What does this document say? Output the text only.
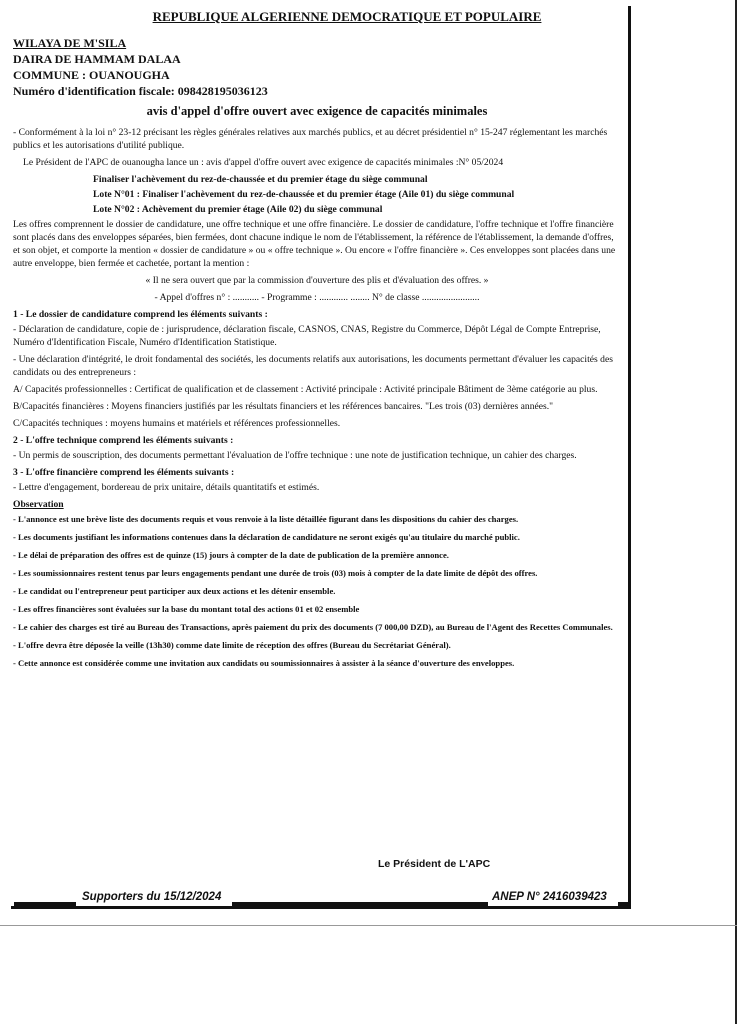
REPUBLIQUE ALGERIENNE DEMOCRATIQUE ET POPULAIRE
WILAYA DE M'SILA
DAIRA DE HAMMAM DALAA
COMMUNE : OUANOUGHA
Numéro d'identification fiscale: 098428195036123
avis d'appel d'offre ouvert avec exigence de capacités minimales

- Conformément à la loi n° 23-12 précisant les règles générales relatives aux marchés publics, et au décret présidentiel n° 15-247 réglementant les marchés publics et les autorisations d'utilité publique.

Le Président de l'APC de ouanougha lance un : avis d'appel d'offre ouvert avec exigence de capacités minimales :N° 05/2024

Finaliser l'achèvement du rez-de-chaussée et du premier étage du siège communal

Lote N°01 : Finaliser l'achèvement du rez-de-chaussée et du premier étage (Aile 01) du siège communal

Lote N°02 : Achèvement du premier étage (Aile 02) du siège communal

Les offres comprennent le dossier de candidature, une offre technique et une offre financière. Le dossier de candidature, l'offre technique et l'offre financière sont placés dans des enveloppes séparées, bien fermées, dont chacune indique le nom de l'établissement, la référence de l'établissement, la demande d'offres, et son objet, et comporte la mention « dossier de candidature » ou « offre technique ». Ou encore « l'offre financière ». Ces enveloppes sont placées dans une autre enveloppe, bien fermée et cachetée, portant la mention :

« Il ne sera ouvert que par la commission d'ouverture des plis et d'évaluation des offres. »

- Appel d'offres n° : ........... - Programme : ............ ........ N° de classe ........................

1 - Le dossier de candidature comprend les éléments suivants :

- Déclaration de candidature, copie de : jurisprudence, déclaration fiscale, CASNOS, CNAS, Registre du Commerce, Dépôt Légal de Compte Entreprise, Numéro d'Identification Fiscale, Numéro d'Identification Statistique.

- Une déclaration d'intégrité, le droit fondamental des sociétés, les documents relatifs aux autorisations, les documents permettant d'évaluer les capacités des candidats ou des entrepreneurs :

A/ Capacités professionnelles : Certificat de qualification et de classement : Activité principale : Activité principale Bâtiment de 3ème catégorie au plus.

B/Capacités financières : Moyens financiers justifiés par les résultats financiers et les références bancaires. "Les trois (03) dernières années."

C/Capacités techniques : moyens humains et matériels et références professionnelles.

2 - L'offre technique comprend les éléments suivants :

- Un permis de souscription, des documents permettant l'évaluation de l'offre technique : une note de justification technique, un cahier des charges.

3 - L'offre financière comprend les éléments suivants :

- Lettre d'engagement, bordereau de prix unitaire, détails quantitatifs et estimés.

Observation

- L'annonce est une brève liste des documents requis et vous renvoie à la liste détaillée figurant dans les dispositions du cahier des charges.

- Les documents justifiant les informations contenues dans la déclaration de candidature ne seront exigés qu'au titulaire du marché public.

- Le délai de préparation des offres est de quinze (15) jours à compter de la date de publication de la première annonce.

- Les soumissionnaires restent tenus par leurs engagements pendant une durée de trois (03) mois à compter de la date limite de dépôt des offres.

- Le candidat ou l'entrepreneur peut participer aux deux actions et les détenir ensemble.

- Les offres financières sont évaluées sur la base du montant total des actions 01 et 02 ensemble

- Le cahier des charges est tiré au Bureau des Transactions, après paiement du prix des documents (7 000,00 DZD), au Bureau de l'Agent des Recettes Communales.

- L'offre devra être déposée la veille (13h30) comme date limite de réception des offres (Bureau du Secrétariat Général).

- Cette annonce est considérée comme une invitation aux candidats ou soumissionnaires à assister à la séance d'ouverture des enveloppes.

Le Président de L'APC
Supporters du 15/12/2024	ANEP N° 2416039423
